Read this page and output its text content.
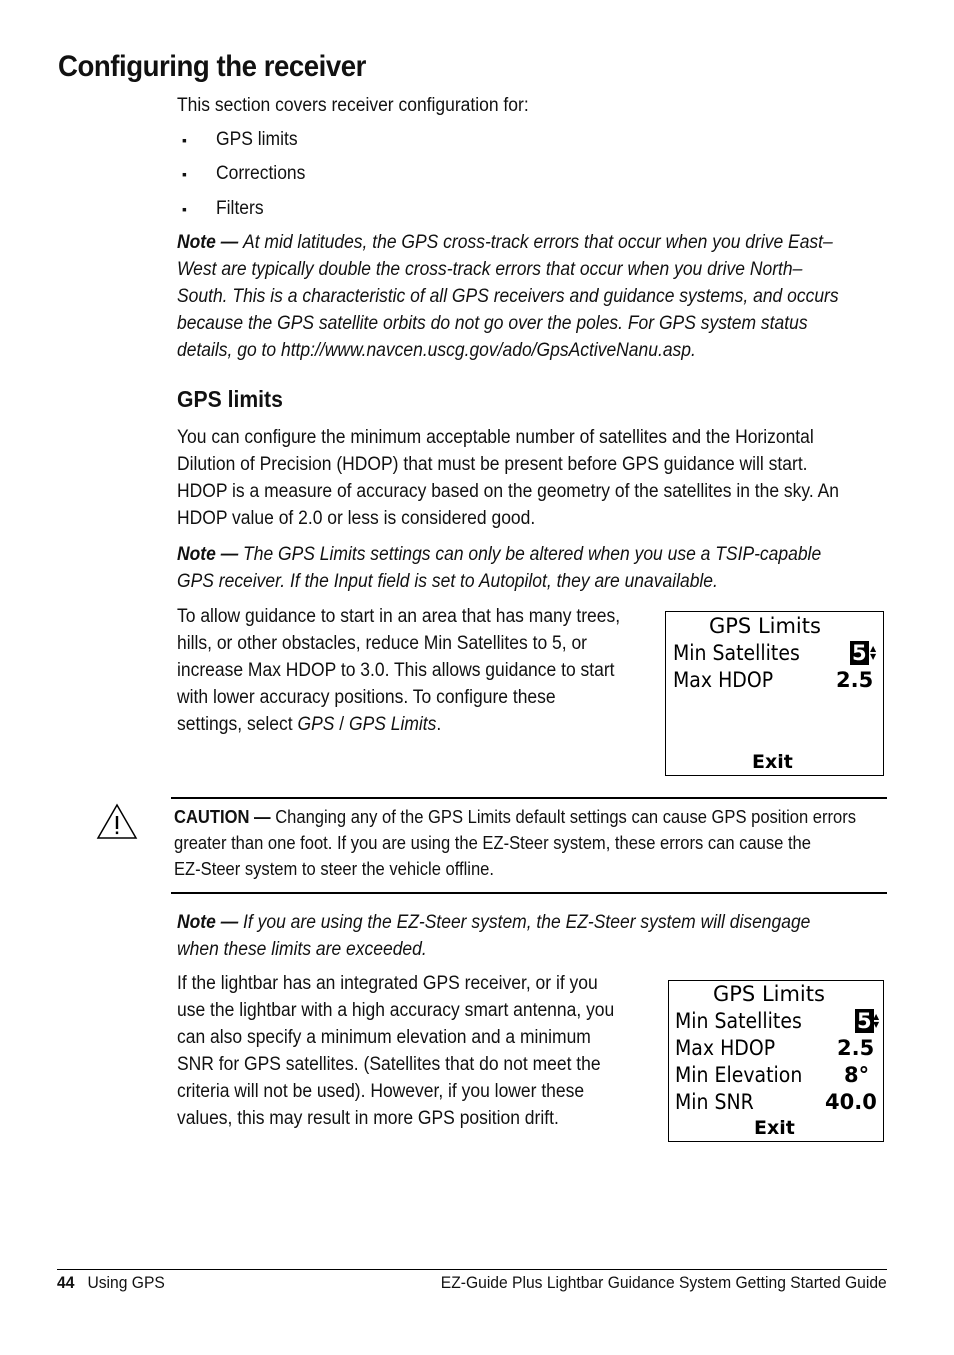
Configuring the receiver
This section covers receiver configuration for:
▪ GPS limits
▪ Corrections
▪ Filters
Note — At mid latitudes, the GPS cross-track errors that occur when you drive East–
West are typically double the cross-track errors that occur when you drive North–
South. This is a characteristic of all GPS receivers and guidance systems, and occurs
because the GPS satellite orbits do not go over the poles. For GPS system status
details, go to http://www.navcen.uscg.gov/ado/GpsActiveNanu.asp.
GPS limits
You can configure the minimum acceptable number of satellites and the Horizontal
Dilution of Precision (HDOP) that must be present before GPS guidance will start.
HDOP is a measure of accuracy based on the geometry of the satellites in the sky. An
HDOP value of 2.0 or less is considered good.
Note — The GPS Limits settings can only be altered when you use a TSIP-capable
GPS receiver. If the Input field is set to Autopilot, they are unavailable.
To allow guidance to start in an area that has many trees,
hills, or other obstacles, reduce Min Satellites to 5, or
increase Max HDOP to 3.0. This allows guidance to start
with lower accuracy positions. To configure these
settings, select GPS / GPS Limits.
GPS Limits
Min Satellites 5 ▲
▼
Max HDOP	2.5
Exit
CAUTION — Changing any of the GPS Limits default settings can cause GPS position errors
greater than one foot. If you are using the EZ-Steer system, these errors can cause the
EZ-Steer system to steer the vehicle offline.
Note — If you are using the EZ-Steer system, the EZ-Steer system will disengage
when these limits are exceeded.
If the lightbar has an integrated GPS receiver, or if you
use the lightbar with a high accuracy smart antenna, you
can also specify a minimum elevation and a minimum
SNR for GPS satellites. (Satellites that do not meet the
criteria will not be used). However, if you lower these
values, this may result in more GPS position drift.
GPS Limits
Min Satellites	5 ▲
▼
Max HDOP	2.5
Min Elevation 8°
Min SNR	40.0
Exit
44 Using GPS	EZ-Guide Plus Lightbar Guidance System Getting Started Guide
